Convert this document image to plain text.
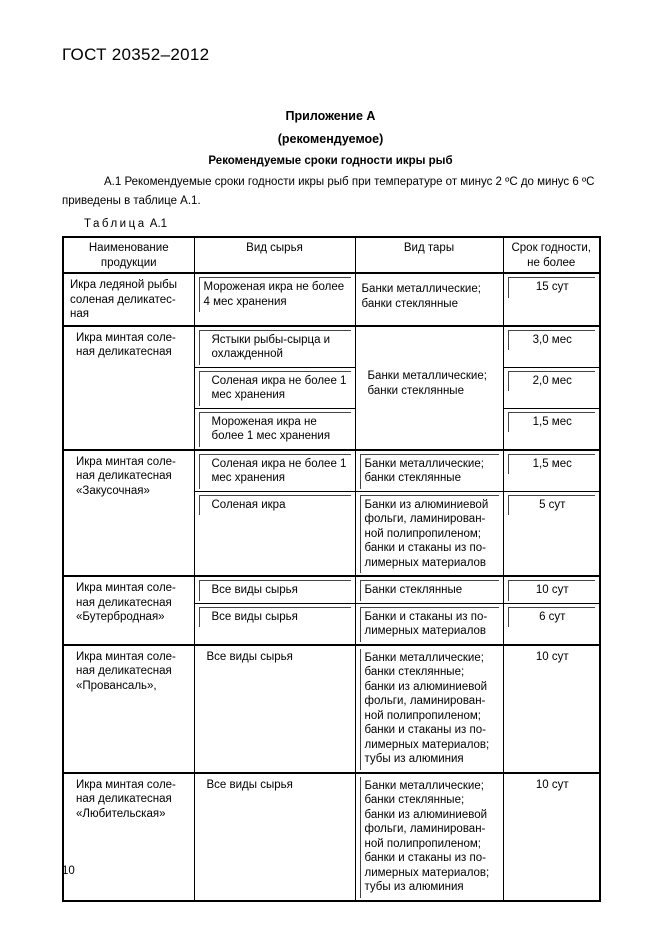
ГОСТ 20352–2012
Приложение А
(рекомендуемое)
Рекомендуемые сроки годности икры рыб
А.1 Рекомендуемые сроки годности икры рыб при температуре от минус 2 ºС до минус 6 ºС приведены в таблице А.1.
Таблица А.1
Наименование продукции	Вид сырья	Вид тары	Срок годности, не более

Икра ледяной рыбы соленая деликатес-ная	Мороженая икра не более 4 мес хранения	Банки металлические; банки стеклянные	15 сут

Икра минтая соле-ная деликатесная	Ястыки рыбы-сырца и охлажденной	Банки металлические; банки стеклянные	3,0 мес

	Соленая икра не более 1 мес хранения		2,0 мес

	Мороженая икра не более 1 мес хранения		1,5 мес

Икра минтая соле-ная деликатесная «Закусочная»	Соленая икра не более 1 мес хранения	Банки металлические; банки стеклянные	1,5 мес

	Соленая икра	Банки из алюминиевой фольги, ламинирован-ной полипропиленом; банки и стаканы из по-лимерных материалов	5 сут

Икра минтая соле-ная деликатесная «Бутербродная»	Все виды сырья	Банки стеклянные	10 сут

	Все виды сырья	Банки и стаканы из по-лимерных материалов	6 сут

Икра минтая соле-ная деликатесная «Провансаль»,	Все виды сырья	Банки металлические; банки стеклянные; банки из алюминиевой фольги, ламинирован-ной полипропиленом; банки и стаканы из по-лимерных материалов; тубы из алюминия	10 сут

Икра минтая соле-ная деликатесная «Любительская»	Все виды сырья	Банки металлические; банки стеклянные; банки из алюминиевой фольги, ламинирован-ной полипропиленом; банки и стаканы из по-лимерных материалов; тубы из алюминия	10 сут
10
